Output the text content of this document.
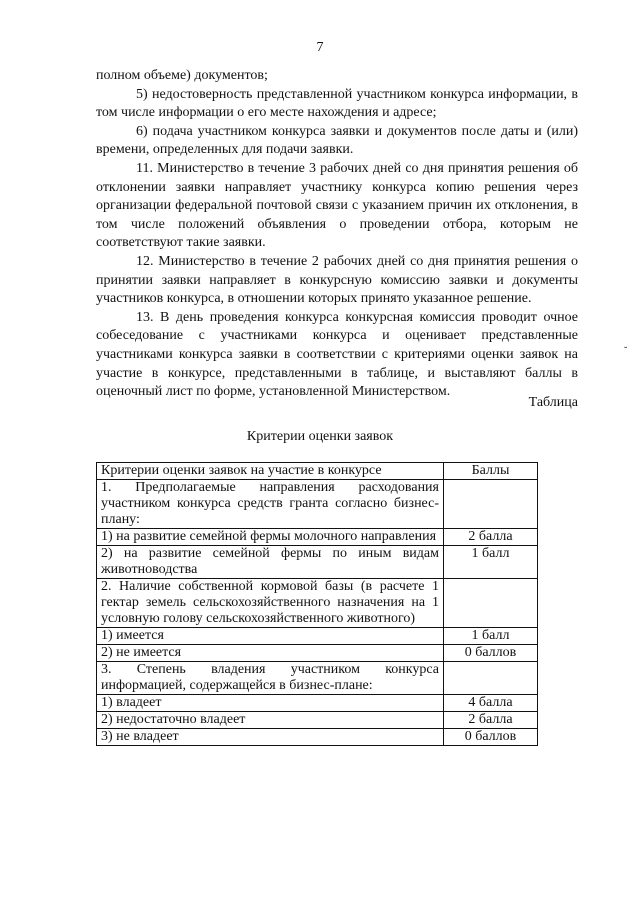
7

полном объеме) документов;

5) недостоверность представленной участником конкурса информации, в том числе информации о его месте нахождения и адресе;

6) подача участником конкурса заявки и документов после даты и (или) времени, определенных для подачи заявки.

11. Министерство в течение 3 рабочих дней со дня принятия решения об отклонении заявки направляет участнику конкурса копию решения через организации федеральной почтовой связи с указанием причин их отклонения, в том числе положений объявления о проведении отбора, которым не соответствуют такие заявки.

12. Министерство в течение 2 рабочих дней со дня принятия решения о принятии заявки направляет в конкурсную комиссию заявки и документы участников конкурса, в отношении которых принято указанное решение.

13. В день проведения конкурса конкурсная комиссия проводит очное собеседование с участниками конкурса и оценивает представленные участниками конкурса заявки в соответствии с критериями оценки заявок на участие в конкурсе, представленными в таблице, и выставляют баллы в оценочный лист по форме, установленной Министерством.

Таблица
Критерии оценки заявок
Критерии оценки заявок на участие в конкурсе	Баллы
1. Предполагаемые направления расходования участником конкурса средств гранта согласно бизнес-плану:	
1) на развитие семейной фермы молочного направления	2 балла
2) на развитие семейной фермы по иным видам животноводства	1 балл
2. Наличие собственной кормовой базы (в расчете 1 гектар земель сельскохозяйственного назначения на 1 условную голову сельскохозяйственного животного)	
1) имеется	1 балл
2) не имеется	0 баллов
3. Степень владения участником конкурса информацией, содержащейся в бизнес-плане:	
1) владеет	4 балла
2) недостаточно владеет	2 балла
3) не владеет	0 баллов
˘
